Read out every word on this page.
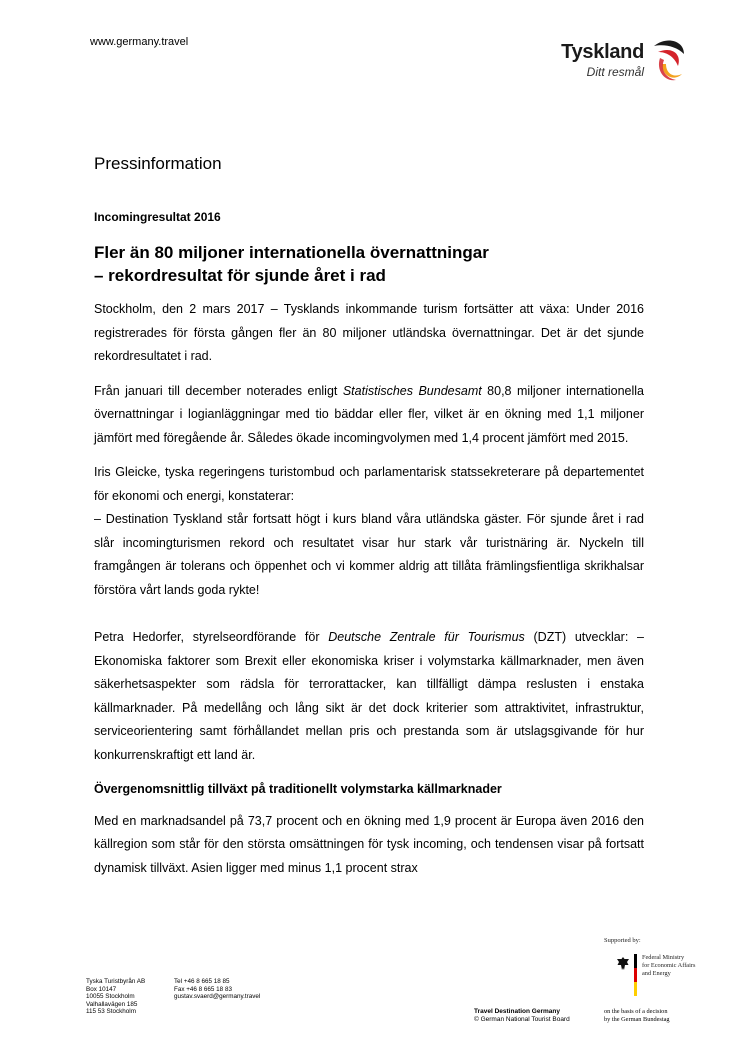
www.germany.travel	Tyskland
Ditt resmål
Pressinformation
Incomingresultat 2016
Fler än 80 miljoner internationella övernattningar
– rekordresultat för sjunde året i rad

Stockholm, den 2 mars 2017 – Tysklands inkommande turism fortsätter att växa: Under 2016 registrerades för första gången fler än 80 miljoner utländska övernattningar. Det är det sjunde rekordresultatet i rad.

Från januari till december noterades enligt Statistisches Bundesamt 80,8 miljoner internationella övernattningar i logianläggningar med tio bäddar eller fler, vilket är en ökning med 1,1 miljoner jämfört med föregående år. Således ökade incomingvolymen med 1,4 procent jämfört med 2015.

Iris Gleicke, tyska regeringens turistombud och parlamentarisk statssekreterare på departementet för ekonomi och energi, konstaterar:
– Destination Tyskland står fortsatt högt i kurs bland våra utländska gäster. För sjunde året i rad slår incomingturismen rekord och resultatet visar hur stark vår turistnäring är. Nyckeln till framgången är tolerans och öppenhet och vi kommer aldrig att tillåta främlingsfientliga skrikhalsar förstöra vårt lands goda rykte!

Petra Hedorfer, styrelseordförande för Deutsche Zentrale für Tourismus (DZT) utvecklar: – Ekonomiska faktorer som Brexit eller ekonomiska kriser i volymstarka källmarknader, men även säkerhetsaspekter som rädsla för terrorattacker, kan tillfälligt dämpa reslusten i enstaka källmarknader. På medellång och lång sikt är det dock kriterier som attraktivitet, infrastruktur, serviceorientering samt förhållandet mellan pris och prestanda som är utslagsgivande för hur konkurrenskraftigt ett land är.

Övergenomsnittlig tillväxt på traditionellt volymstarka källmarknader

Med en marknadsandel på 73,7 procent och en ökning med 1,9 procent är Europa även 2016 den källregion som står för den största omsättningen för tysk incoming, och tendensen visar på fortsatt dynamisk tillväxt. Asien ligger med minus 1,1 procent strax

Supported by:
Federal Ministry
for Economic Affairs
and Energy
Tyska Turistbyrån AB
Box 10147
10055 Stockholm
Valhallavägen 185
115 53 Stockholm
Tel +46 8 665 18 85
Fax +46 8 665 18 83
gustav.svaerd@germany.travel
Travel Destination Germany
© German National Tourist Board
on the basis of a decision
by the German Bundestag
